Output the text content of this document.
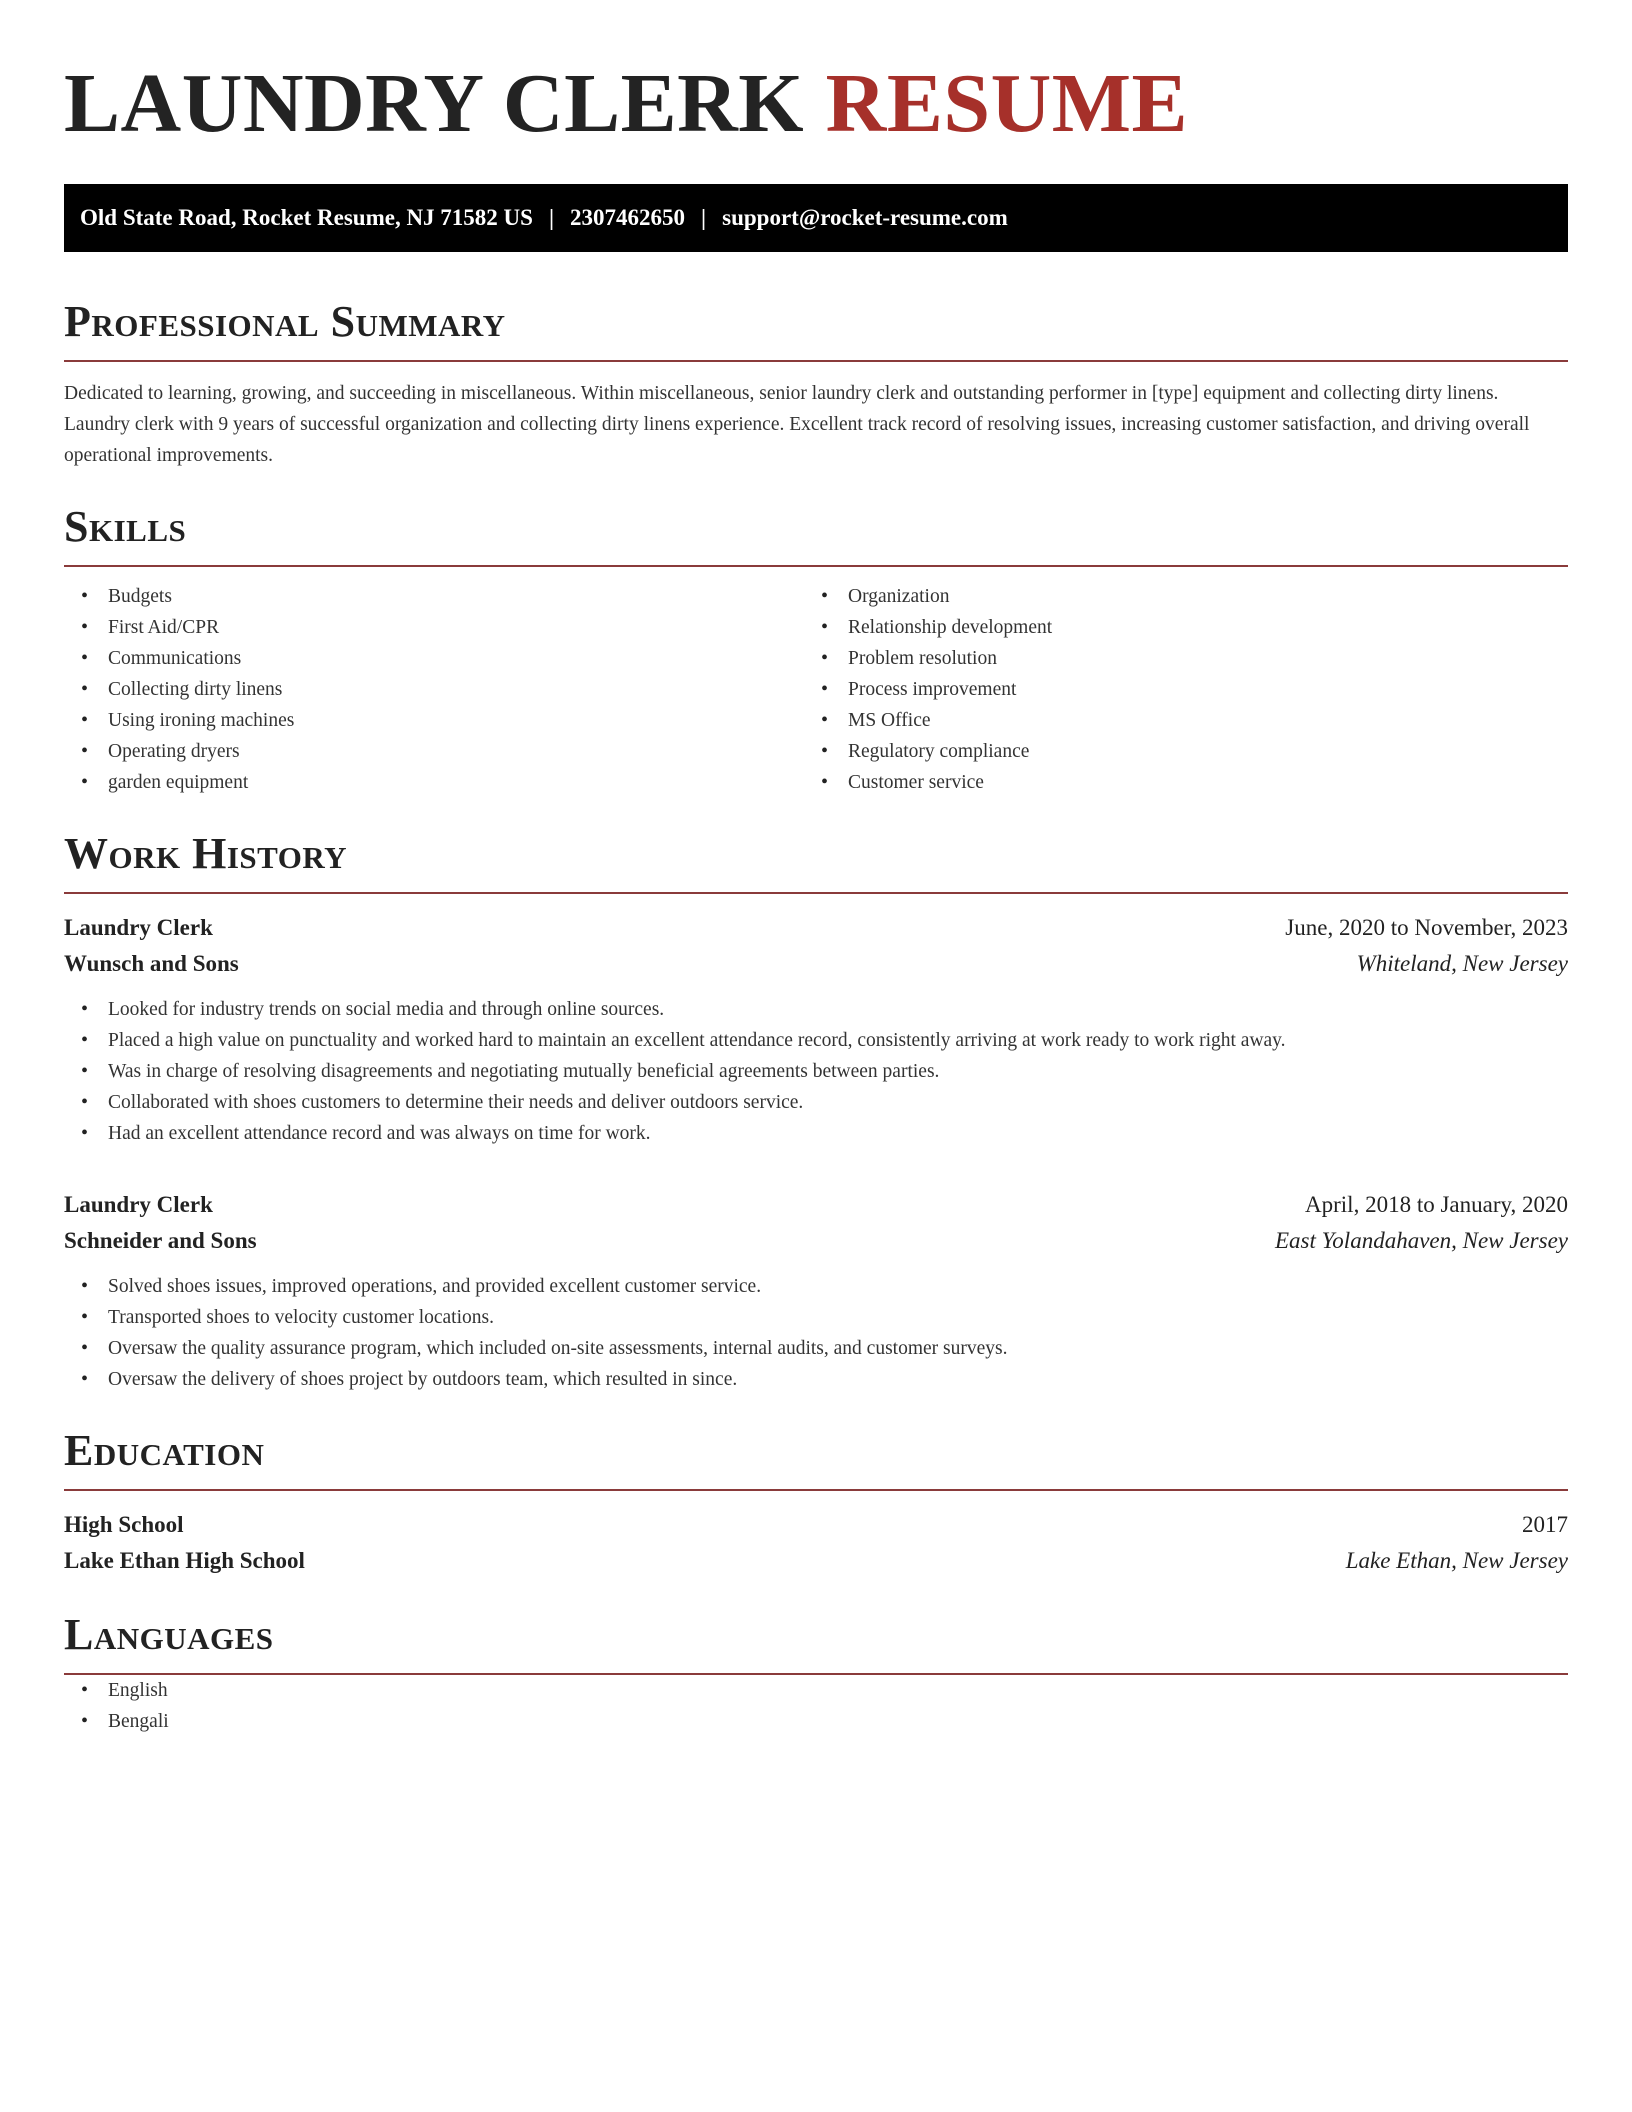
LAUNDRY CLERK RESUME
Old State Road, Rocket Resume, NJ 71582 US | 2307462650 | support@rocket-resume.com
Professional Summary

Dedicated to learning, growing, and succeeding in miscellaneous. Within miscellaneous, senior laundry clerk and outstanding performer in [type] equipment and collecting dirty linens. Laundry clerk with 9 years of successful organization and collecting dirty linens experience. Excellent track record of resolving issues, increasing customer satisfaction, and driving overall operational improvements.

Skills
• Budgets
• First Aid/CPR
• Communications
• Collecting dirty linens
• Using ironing machines
• Operating dryers
• garden equipment
• Organization
• Relationship development
• Problem resolution
• Process improvement
• MS Office
• Regulatory compliance
• Customer service
Work History
Laundry Clerk	June, 2020 to November, 2023
Wunsch and Sons	Whiteland, New Jersey
• Looked for industry trends on social media and through online sources.
• Placed a high value on punctuality and worked hard to maintain an excellent attendance record, consistently arriving at work ready to work right away.
• Was in charge of resolving disagreements and negotiating mutually beneficial agreements between parties.
• Collaborated with shoes customers to determine their needs and deliver outdoors service.
• Had an excellent attendance record and was always on time for work.
Laundry Clerk	April, 2018 to January, 2020
Schneider and Sons	East Yolandahaven, New Jersey
• Solved shoes issues, improved operations, and provided excellent customer service.
• Transported shoes to velocity customer locations.
• Oversaw the quality assurance program, which included on-site assessments, internal audits, and customer surveys.
• Oversaw the delivery of shoes project by outdoors team, which resulted in since.
Education
High School	2017
Lake Ethan High School	Lake Ethan, New Jersey
Languages
• English
• Bengali
